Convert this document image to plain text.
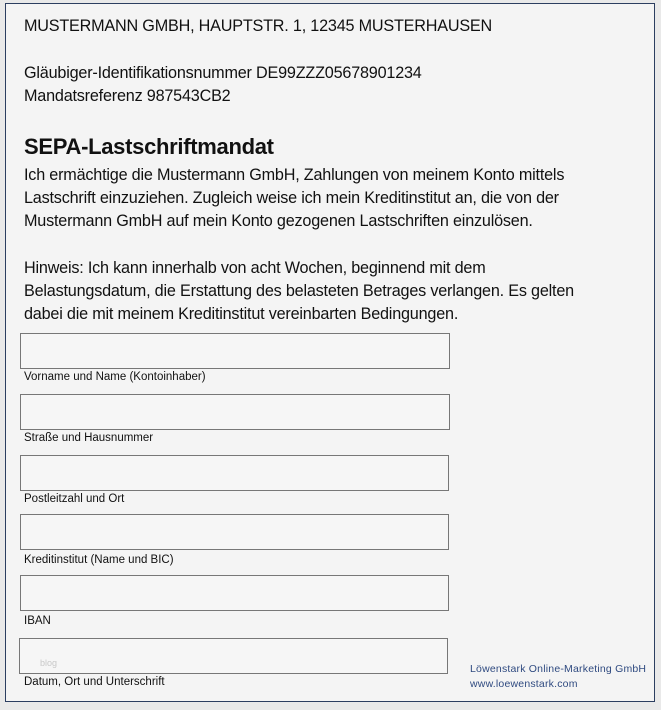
MUSTERMANN GMBH, HAUPTSTR. 1, 12345 MUSTERHAUSEN
Gläubiger-Identifikationsnummer DE99ZZZ05678901234
Mandatsreferenz 987543CB2
SEPA-Lastschriftmandat
Ich ermächtige die Mustermann GmbH, Zahlungen von meinem Konto mittels
Lastschrift einzuziehen. Zugleich weise ich mein Kreditinstitut an, die von der
Mustermann GmbH auf mein Konto gezogenen Lastschriften einzulösen.
Hinweis: Ich kann innerhalb von acht Wochen, beginnend mit dem
Belastungsdatum, die Erstattung des belasteten Betrages verlangen. Es gelten
dabei die mit meinem Kreditinstitut vereinbarten Bedingungen.
Vorname und Name (Kontoinhaber)
Straße und Hausnummer
Postleitzahl und Ort
Kreditinstitut (Name und BIC)
IBAN
blog
Datum, Ort und Unterschrift
Löwenstark Online-Marketing GmbH
www.loewenstark.com
